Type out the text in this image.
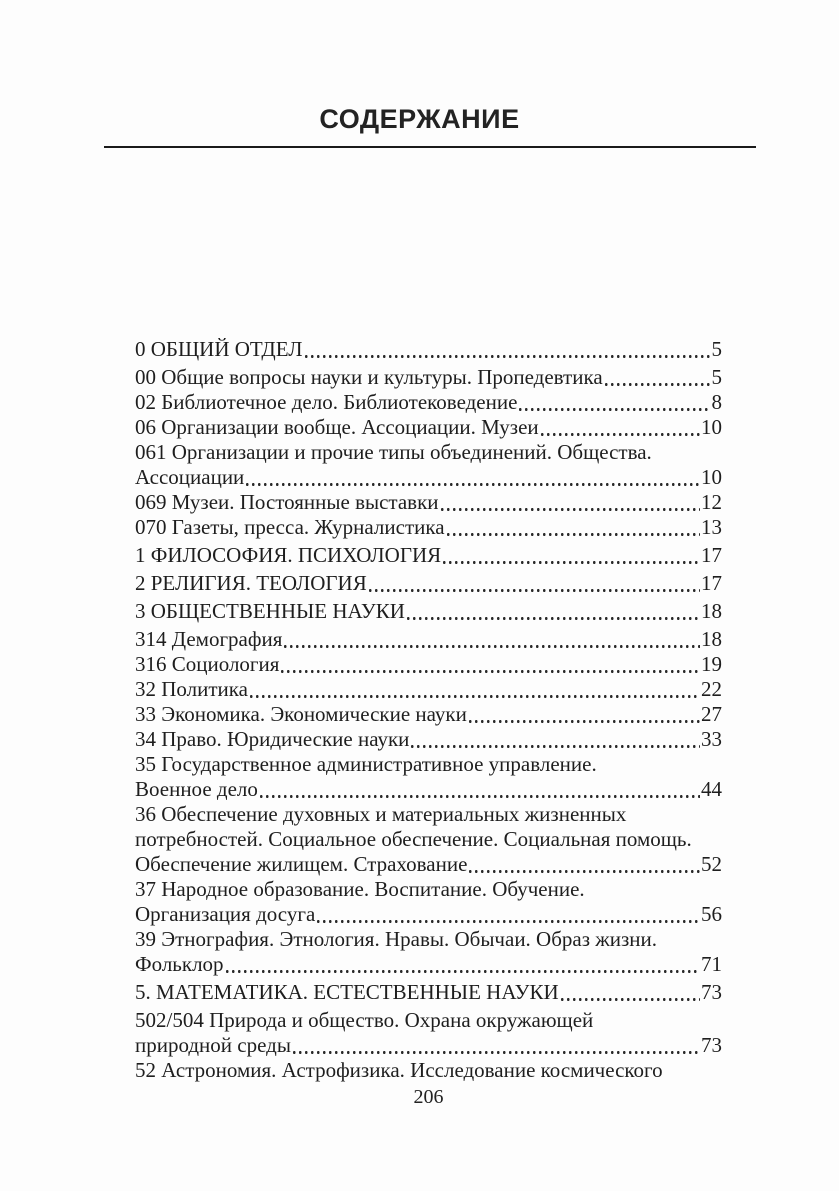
СОДЕРЖАНИЕ
0 ОБЩИЙ ОТДЕЛ	5
00 Общие вопросы науки и культуры. Пропедевтика	5
02 Библиотечное дело. Библиотековедение	8
06 Организации вообще. Ассоциации. Музеи	10
061 Организации и прочие типы объединений. Общества.
Ассоциации	10
069 Музеи. Постоянные выставки	12
070 Газеты, пресса. Журналистика	13
1 ФИЛОСОФИЯ. ПСИХОЛОГИЯ	17
2 РЕЛИГИЯ. ТЕОЛОГИЯ	17
3 ОБЩЕСТВЕННЫЕ НАУКИ	18
314 Демография	18
316 Социология	19
32 Политика	22
33 Экономика. Экономические науки	27
34 Право. Юридические науки	33
35 Государственное административное управление.
Военное дело	44
36 Обеспечение духовных и материальных жизненных
потребностей. Социальное обеспечение. Социальная помощь.
Обеспечение жилищем. Страхование	52
37 Народное образование. Воспитание. Обучение.
Организация досуга	56
39 Этнография. Этнология. Нравы. Обычаи. Образ жизни.
Фольклор	71
5. МАТЕМАТИКА. ЕСТЕСТВЕННЫЕ НАУКИ	73
502/504 Природа и общество. Охрана окружающей
природной среды	73
52 Астрономия. Астрофизика. Исследование космического
206
